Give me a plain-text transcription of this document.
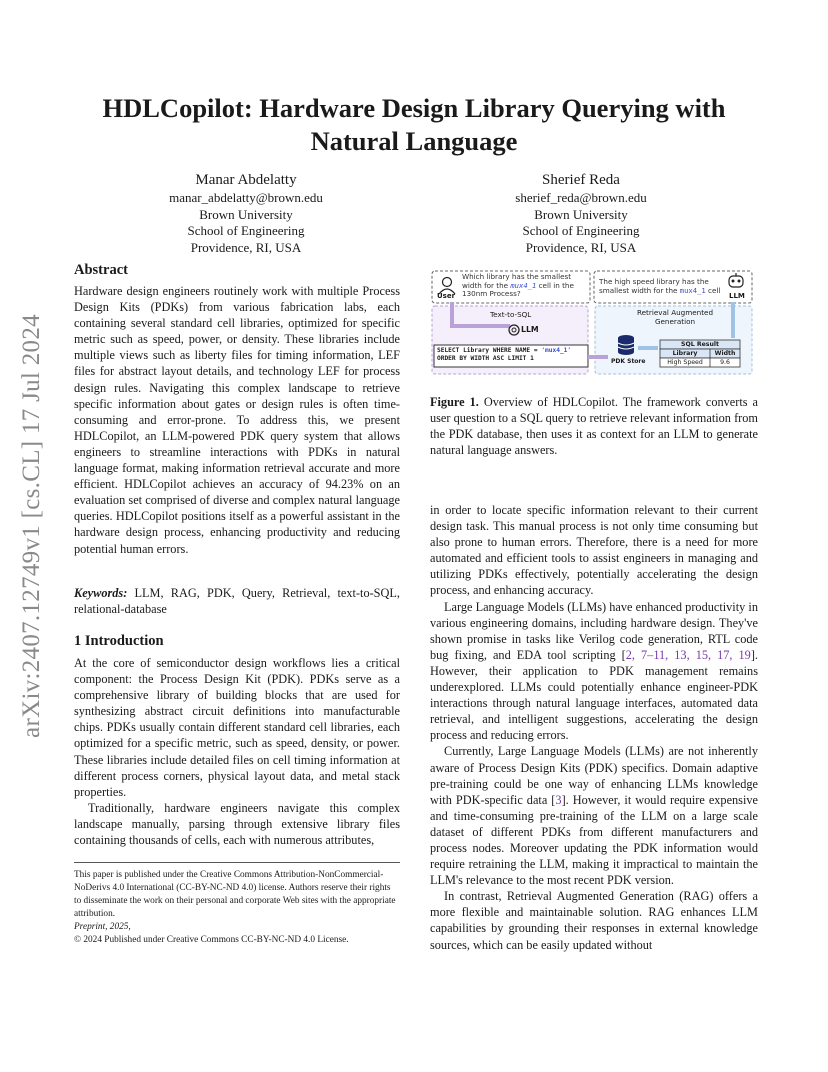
arXiv:2407.12749v1 [cs.CL] 17 Jul 2024
HDLCopilot: Hardware Design Library Querying with
Natural Language
Manar Abdelatty
manar_abdelatty@brown.edu
Brown University
School of Engineering
Providence, RI, USA
Sherief Reda
sherief_reda@brown.edu
Brown University
School of Engineering
Providence, RI, USA
Abstract

Hardware design engineers routinely work with multiple Process Design Kits (PDKs) from various fabrication labs, each containing several standard cell libraries, optimized for specific metric such as speed, power, or density. These libraries include multiple views such as liberty files for timing information, LEF files for abstract layout details, and technology LEF for process design rules. Navigating this complex landscape to retrieve specific information about gates or design rules is often time-consuming and error-prone. To address this, we present HDLCopilot, an LLM-powered PDK query system that allows engineers to streamline interactions with PDKs in natural language format, making information retrieval accurate and more efficient. HDLCopilot achieves an accuracy of 94.23% on an evaluation set comprised of diverse and complex natural language queries. HDLCopilot positions itself as a powerful assistant in the hardware design process, enhancing productivity and reducing potential human errors.

Keywords: LLM, RAG, PDK, Query, Retrieval, text-to-SQL, relational-database

1 Introduction

At the core of semiconductor design workflows lies a critical component: the Process Design Kit (PDK). PDKs serve as a comprehensive library of building blocks that are used for synthesizing abstract circuit definitions into manufacturable chips. PDKs usually contain different standard cell libraries, each optimized for a specific metric, such as speed, density, or power. These libraries include detailed files on cell timing information at different process corners, physical layout data, and metal stack properties.

Traditionally, hardware engineers navigate this complex landscape manually, parsing through extensive library files containing thousands of cells, each with numerous attributes,

This paper is published under the Creative Commons Attribution-NonCommercial-NoDerivs 4.0 International (CC-BY-NC-ND 4.0) license. Authors reserve their rights to disseminate the work on their personal and corporate Web sites with the appropriate attribution.

Preprint, 2025,

© 2024 Published under Creative Commons CC-BY-NC-ND 4.0 License.

Which library has the smallest width for the mux4_1 cell in the 130nm Process?
User
The high speed library has the smallest width for the mux4_1 cell
LLM
Text-to-SQL
LLM
SELECT Library WHERE NAME = 'mux4_1'
ORDER BY WIDTH ASC LIMIT 1	PDK Store
Retrieval Augmented
Generation
SQL Result
Library	Width
High Speed	9.6
Figure 1. Overview of HDLCopilot. The framework converts a user question to a SQL query to retrieve relevant information from the PDK database, then uses it as context for an LLM to generate natural language answers.

in order to locate specific information relevant to their current design task. This manual process is not only time consuming but also prone to human errors. Therefore, there is a need for more automated and efficient tools to assist engineers in managing and utilizing PDKs effectively, potentially accelerating the design process, and enhancing accuracy.

Large Language Models (LLMs) have enhanced productivity in various engineering domains, including hardware design. They've shown promise in tasks like Verilog code generation, RTL code bug fixing, and EDA tool scripting [2, 7–11, 13, 15, 17, 19]. However, their application to PDK management remains underexplored. LLMs could potentially enhance engineer-PDK interactions through natural language interfaces, automated data retrieval, and intelligent suggestions, accelerating the design process and reducing errors.

Currently, Large Language Models (LLMs) are not inherently aware of Process Design Kits (PDK) specifics. Domain adaptive pre-training could be one way of enhancing LLMs knowledge with PDK-specific data [3]. However, it would require expensive and time-consuming pre-training of the LLM on a large scale dataset of different PDKs from different manufacturers and process nodes. Moreover updating the PDK information would require retraining the LLM, making it impractical to maintain the LLM's relevance to the most recent PDK version.

In contrast, Retrieval Augmented Generation (RAG) offers a more flexible and maintainable solution. RAG enhances LLM capabilities by grounding their responses in external knowledge sources, which can be easily updated without
